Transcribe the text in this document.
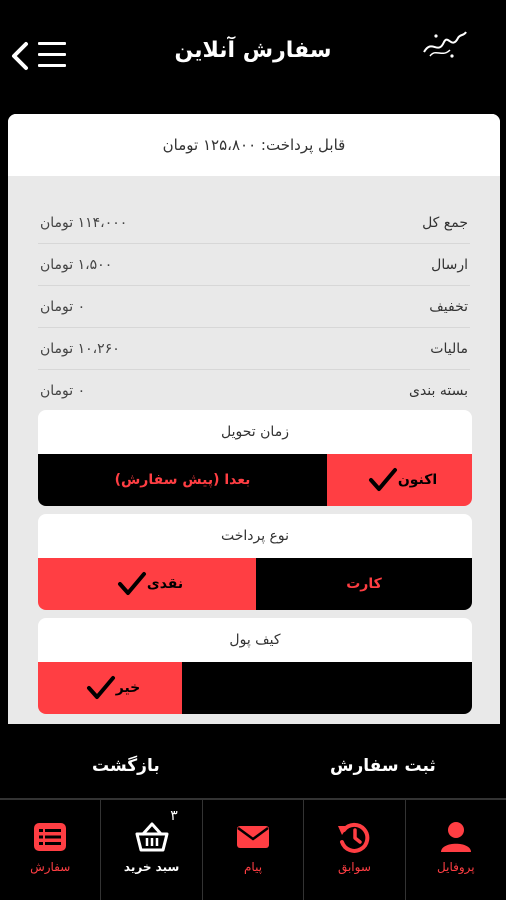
سفارش آنلاین
قابل پرداخت: ۱۲۵،۸۰۰ تومان
جمع کل
۱۱۴،۰۰۰ تومان
ارسال
۱،۵۰۰ تومان
تخفیف
۰ تومان
مالیات
۱۰،۲۶۰ تومان
بسته بندی
۰ تومان
زمان تحویل
بعدا (پیش سفارش)	اکنون
نوع پرداخت
نقدی	کارت
کیف پول
خیر
بازگشت	ثبت سفارش
سفارش
۳
سبد خرید	پیام	سوابق	پروفایل
